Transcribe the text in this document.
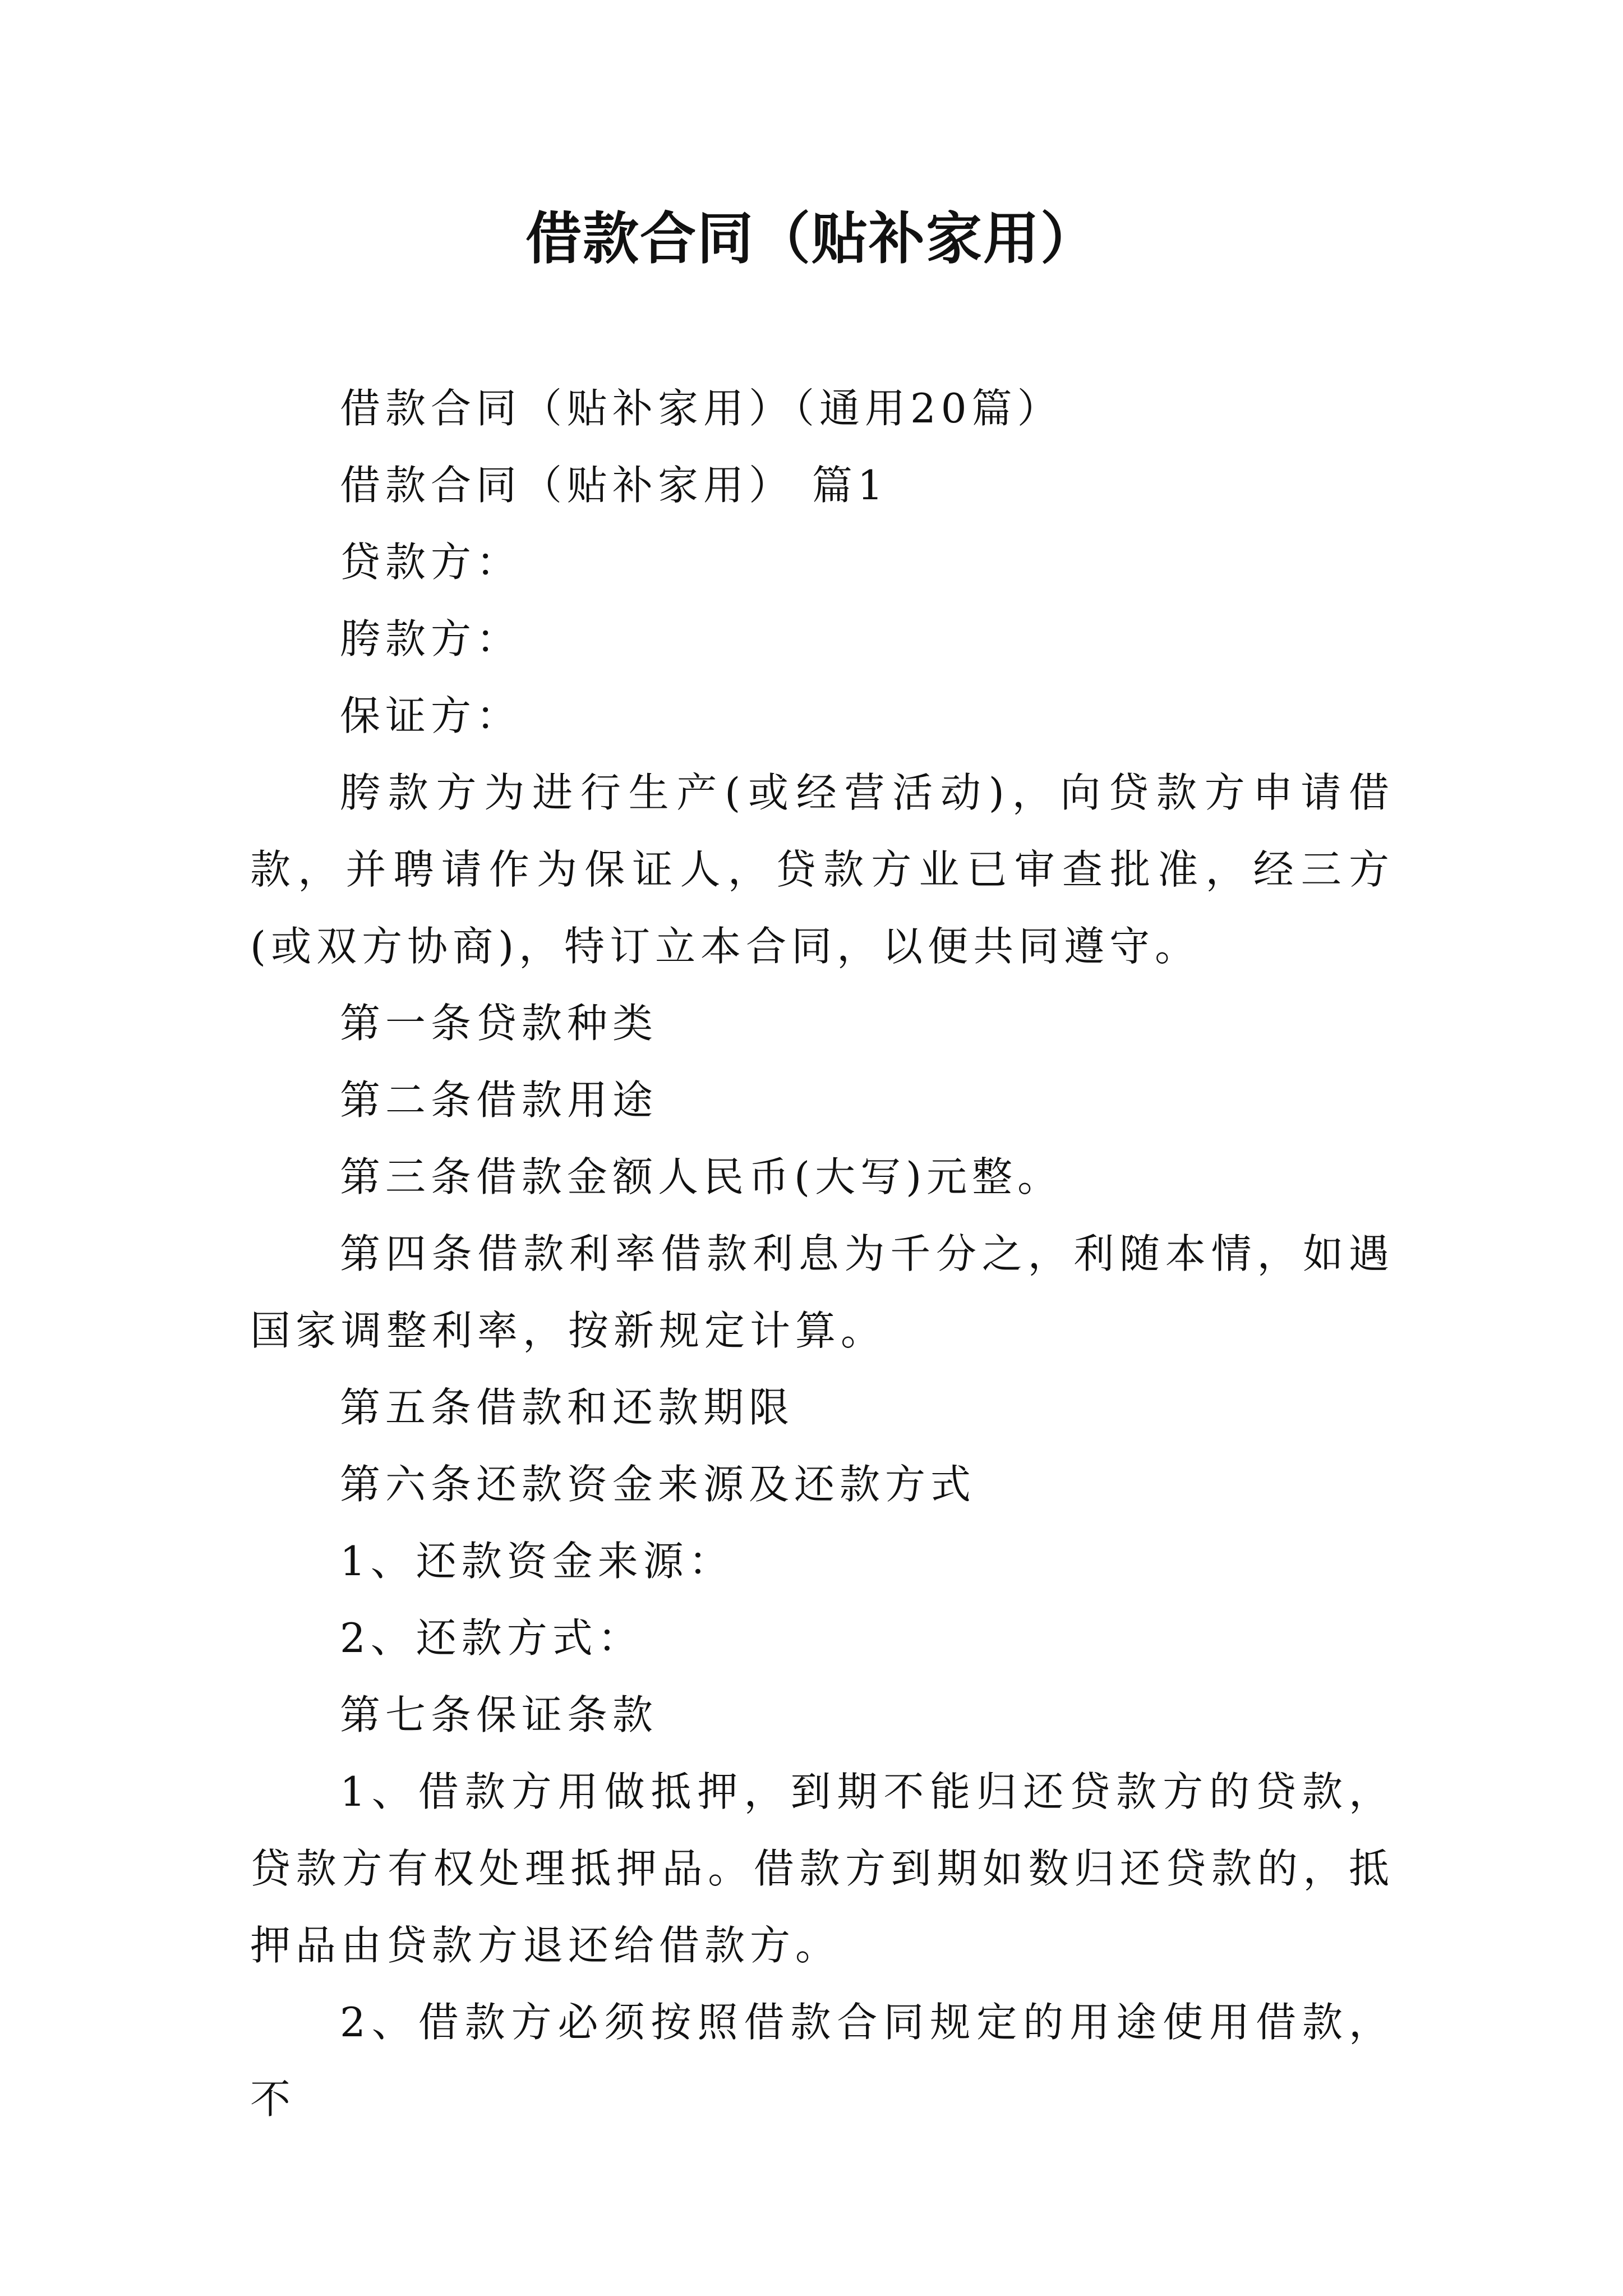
借款合同（贴补家用）

借款合同（贴补家用）（通用20篇）

借款合同（贴补家用） 篇1

贷款方：

胯款方：

保证方：

胯款方为进行生产(或经营活动)，向贷款方申请借款，并聘请作为保证人，贷款方业已审查批准，经三方(或双方协商)，特订立本合同，以便共同遵守。

第一条贷款种类

第二条借款用途

第三条借款金额人民币(大写)元整。

第四条借款利率借款利息为千分之，利随本情，如遇国家调整利率，按新规定计算。

第五条借款和还款期限

第六条还款资金来源及还款方式

1、还款资金来源：

2、还款方式：

第七条保证条款

1、借款方用做抵押，到期不能归还贷款方的贷款，贷款方有权处理抵押品。借款方到期如数归还贷款的，抵押品由贷款方退还给借款方。

2、借款方必须按照借款合同规定的用途使用借款，不
